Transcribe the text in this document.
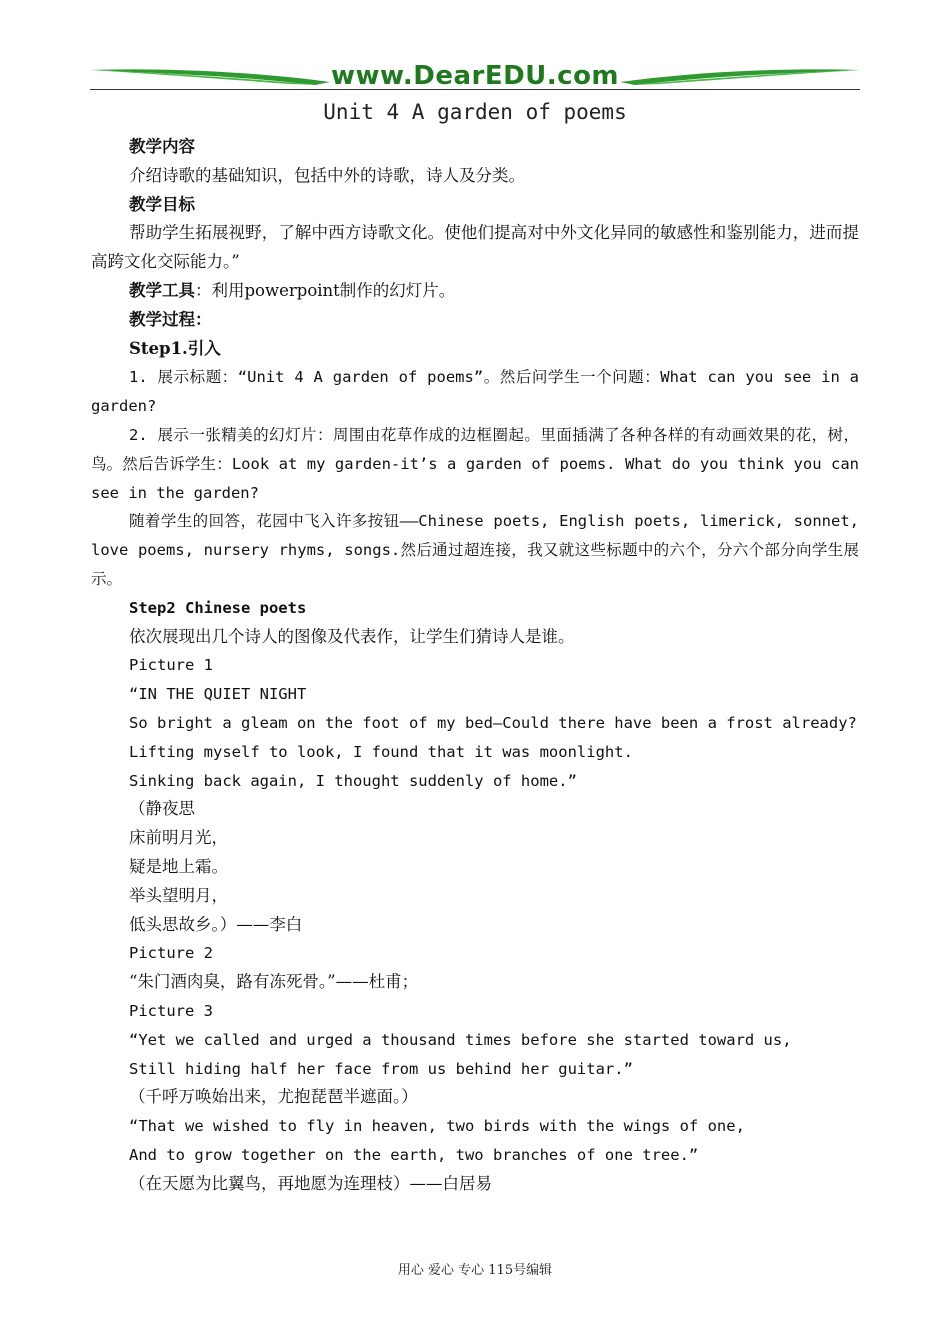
www.DearEDU.com
Unit 4 A garden of poems
教学内容
介绍诗歌的基础知识，包括中外的诗歌，诗人及分类。
教学目标
帮助学生拓展视野，了解中西方诗歌文化。使他们提高对中外文化异同的敏感性和鉴别能力，进而提高跨文化交际能力。”
教学工具：利用powerpoint制作的幻灯片。
教学过程：
Step1.引入
1. 展示标题：“Unit 4 A garden of poems”。然后问学生一个问题：What can you see in a garden?
2. 展示一张精美的幻灯片：周围由花草作成的边框圈起。里面插满了各种各样的有动画效果的花，树，鸟。然后告诉学生：Look at my garden-it’s a garden of poems. What do you think you can see in the garden?
随着学生的回答，花园中飞入许多按钮——Chinese poets, English poets, limerick, sonnet, love poems, nursery rhyms, songs.然后通过超连接，我又就这些标题中的六个，分六个部分向学生展示。
Step2 Chinese poets
依次展现出几个诗人的图像及代表作，让学生们猜诗人是谁。
Picture 1
“IN THE QUIET NIGHT
So bright a gleam on the foot of my bed—Could there have been a frost already?
Lifting myself to look, I found that it was moonlight.
Sinking back again, I thought suddenly of home.”
（静夜思
床前明月光，
疑是地上霜。
举头望明月，
低头思故乡。）——李白
Picture 2
“朱门酒肉臭，路有冻死骨。”——杜甫；
Picture 3
“Yet we called and urged a thousand times before she started toward us,
Still hiding half her face from us behind her guitar.”
（千呼万唤始出来，尤抱琵琶半遮面。）
“That we wished to fly in heaven, two birds with the wings of one,
And to grow together on the earth, two branches of one tree.”
（在天愿为比翼鸟，再地愿为连理枝）——白居易
用心 爱心 专心 115号编辑
